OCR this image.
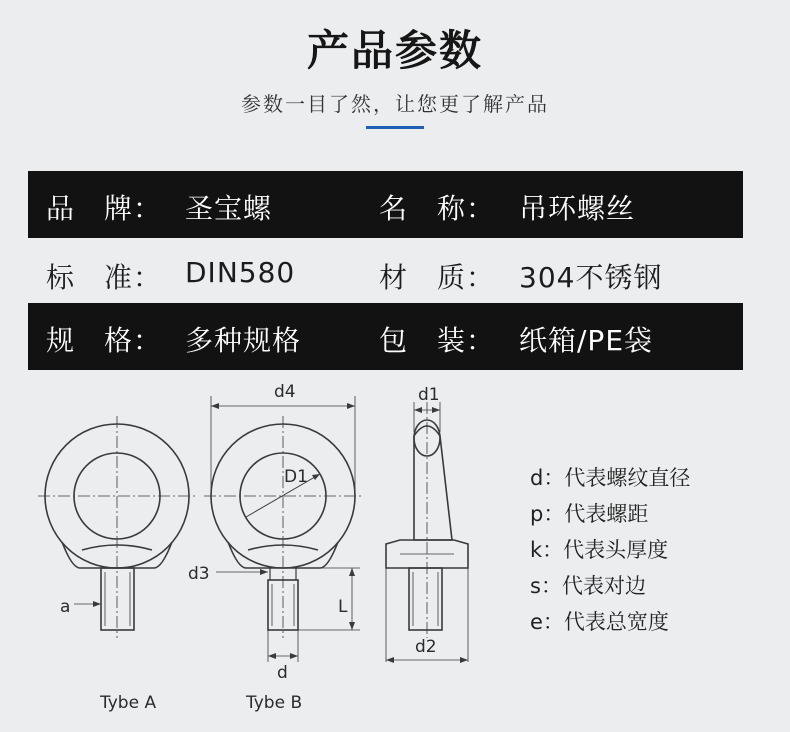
产品参数
参数一目了然，让您更了解产品
品　牌： 圣宝螺	名　称： 吊环螺丝
标　准： DIN580	材　质： 304不锈钢
规　格： 多种规格	包　装： 纸箱/PE袋
d4	d1
D1
d3
L
d
d2
a
Tybe A	Tybe B
d：代表螺纹直径
p：代表螺距
k：代表头厚度
s：代表对边
e：代表总宽度
